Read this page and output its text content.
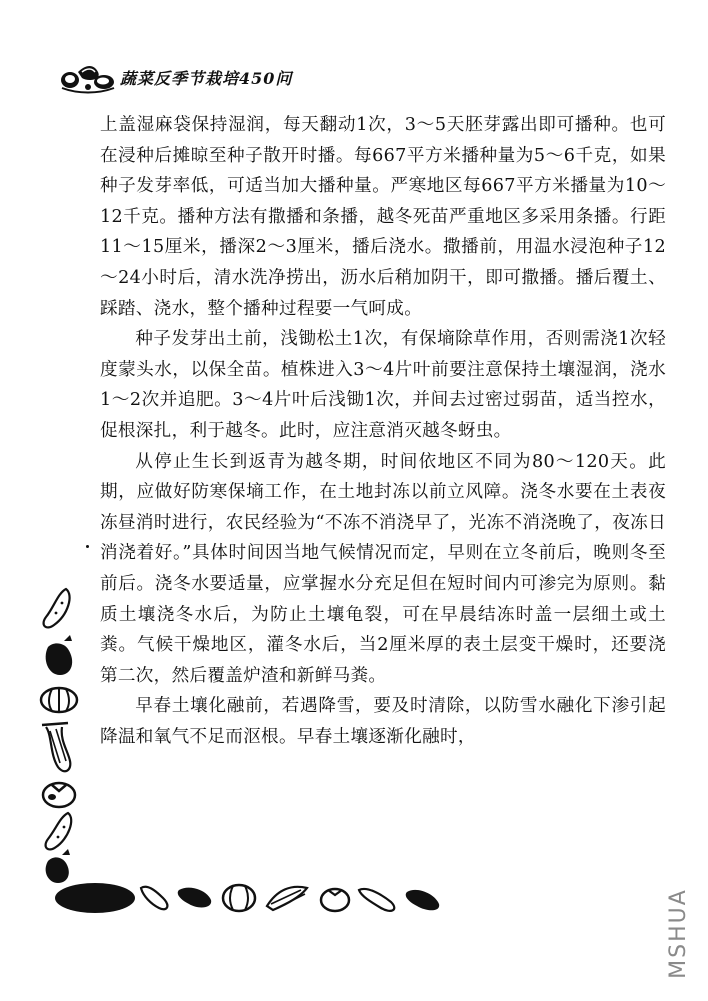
蔬菜反季节栽培450问

上盖湿麻袋保持湿润，每天翻动1次，3～5天胚芽露出即可播种。也可在浸种后摊晾至种子散开时播。每667平方米播种量为5～6千克，如果种子发芽率低，可适当加大播种量。严寒地区每667平方米播量为10～12千克。播种方法有撒播和条播，越冬死苗严重地区多采用条播。行距11～15厘米，播深2～3厘米，播后浇水。撒播前，用温水浸泡种子12～24小时后，清水洗净捞出，沥水后稍加阴干，即可撒播。播后覆土、踩踏、浇水，整个播种过程要一气呵成。

种子发芽出土前，浅锄松土1次，有保墒除草作用，否则需浇1次轻度蒙头水，以保全苗。植株进入3～4片叶前要注意保持土壤湿润，浇水1～2次并追肥。3～4片叶后浅锄1次，并间去过密过弱苗，适当控水，促根深扎，利于越冬。此时，应注意消灭越冬蚜虫。

从停止生长到返青为越冬期，时间依地区不同为80～120天。此期，应做好防寒保墒工作，在土地封冻以前立风障。浇冬水要在土表夜冻昼消时进行，农民经验为“不冻不消浇早了，光冻不消浇晚了，夜冻日消浇着好。”具体时间因当地气候情况而定，早则在立冬前后，晚则冬至前后。浇冬水要适量，应掌握水分充足但在短时间内可渗完为原则。黏质土壤浇冬水后，为防止土壤龟裂，可在早晨结冻时盖一层细土或土粪。气候干燥地区，灌冬水后，当2厘米厚的表土层变干燥时，还要浇第二次，然后覆盖炉渣和新鲜马粪。

早春土壤化融前，若遇降雪，要及时清除，以防雪水融化下渗引起降温和氧气不足而沤根。早春土壤逐渐化融时，

MSHUA
